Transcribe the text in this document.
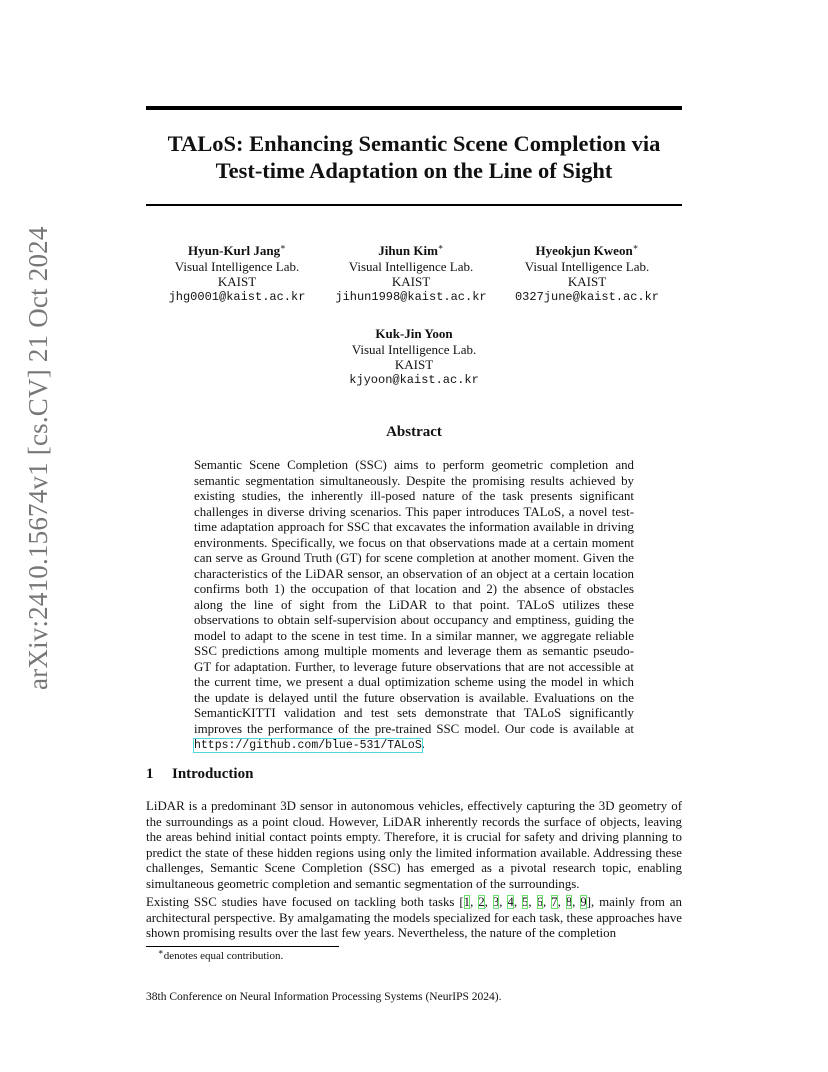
arXiv:2410.15674v1 [cs.CV] 21 Oct 2024
TALoS: Enhancing Semantic Scene Completion via
Test-time Adaptation on the Line of Sight
Hyun-Kurl Jang∗
Visual Intelligence Lab.
KAIST
jhg0001@kaist.ac.kr
Jihun Kim∗
Visual Intelligence Lab.
KAIST
jihun1998@kaist.ac.kr
Hyeokjun Kweon∗
Visual Intelligence Lab.
KAIST
0327june@kaist.ac.kr
Kuk-Jin Yoon
Visual Intelligence Lab.
KAIST
kjyoon@kaist.ac.kr
Abstract

Semantic Scene Completion (SSC) aims to perform geometric completion and semantic segmentation simultaneously. Despite the promising results achieved by existing studies, the inherently ill-posed nature of the task presents significant challenges in diverse driving scenarios. This paper introduces TALoS, a novel test-time adaptation approach for SSC that excavates the information available in driving environments. Specifically, we focus on that observations made at a certain moment can serve as Ground Truth (GT) for scene completion at another moment. Given the characteristics of the LiDAR sensor, an observation of an object at a certain location confirms both 1) the occupation of that location and 2) the absence of obstacles along the line of sight from the LiDAR to that point. TALoS utilizes these observations to obtain self-supervision about occupancy and emptiness, guiding the model to adapt to the scene in test time. In a similar manner, we aggregate reliable SSC predictions among multiple moments and leverage them as semantic pseudo-GT for adaptation. Further, to leverage future observations that are not accessible at the current time, we present a dual optimization scheme using the model in which the update is delayed until the future observation is available. Evaluations on the SemanticKITTI validation and test sets demonstrate that TALoS significantly improves the performance of the pre-trained SSC model. Our code is available at https://github.com/blue-531/TALoS.

1 Introduction

LiDAR is a predominant 3D sensor in autonomous vehicles, effectively capturing the 3D geometry of the surroundings as a point cloud. However, LiDAR inherently records the surface of objects, leaving the areas behind initial contact points empty. Therefore, it is crucial for safety and driving planning to predict the state of these hidden regions using only the limited information available. Addressing these challenges, Semantic Scene Completion (SSC) has emerged as a pivotal research topic, enabling simultaneous geometric completion and semantic segmentation of the surroundings.

Existing SSC studies have focused on tackling both tasks [1, 2, 3, 4, 5, 6, 7, 8, 9], mainly from an architectural perspective. By amalgamating the models specialized for each task, these approaches have shown promising results over the last few years. Nevertheless, the nature of the completion

∗denotes equal contribution.
38th Conference on Neural Information Processing Systems (NeurIPS 2024).
